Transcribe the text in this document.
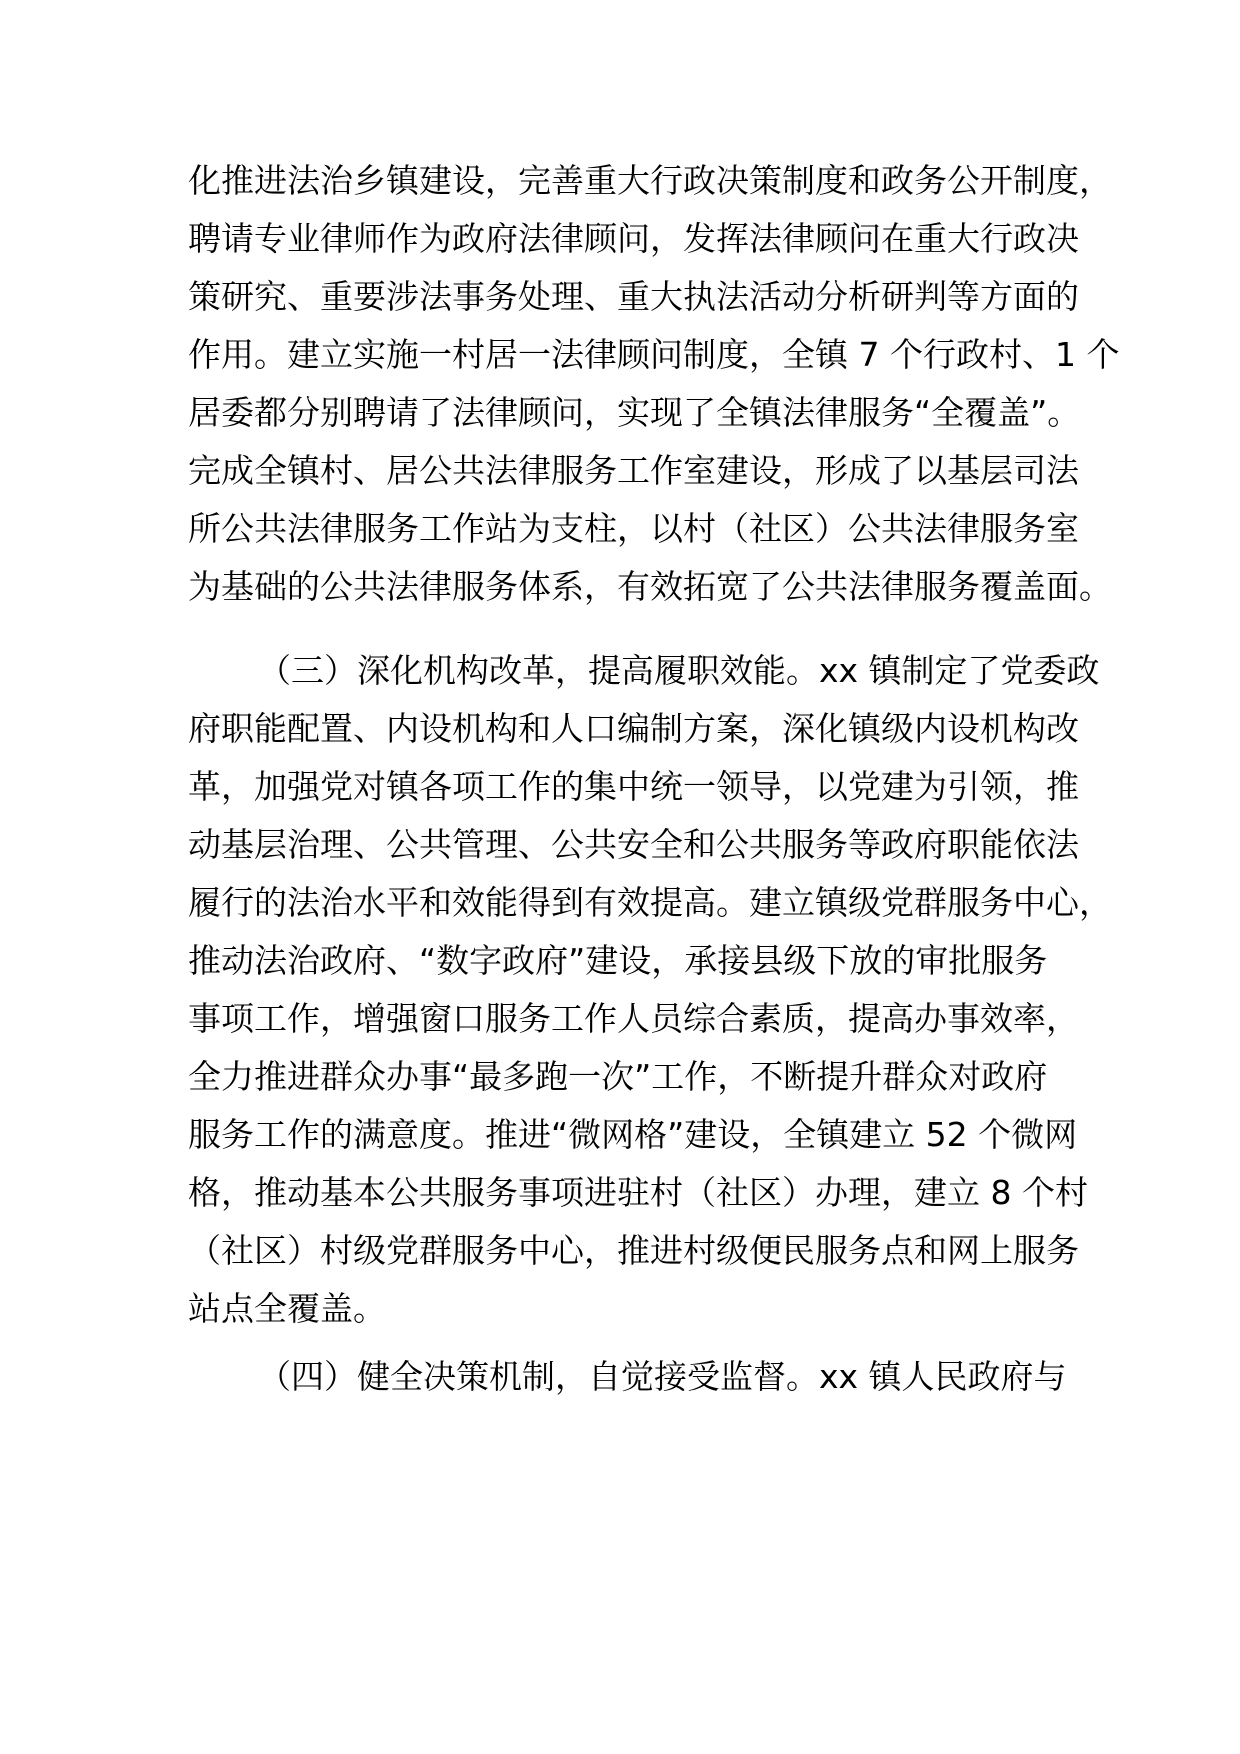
化推进法治乡镇建设，完善重大行政决策制度和政务公开制度，
聘请专业律师作为政府法律顾问，发挥法律顾问在重大行政决
策研究、重要涉法事务处理、重大执法活动分析研判等方面的
作用。建立实施一村居一法律顾问制度，全镇 7 个行政村、1 个
居委都分别聘请了法律顾问，实现了全镇法律服务“全覆盖”。
完成全镇村、居公共法律服务工作室建设，形成了以基层司法
所公共法律服务工作站为支柱，以村（社区）公共法律服务室
为基础的公共法律服务体系，有效拓宽了公共法律服务覆盖面。
（三）深化机构改革，提高履职效能。xx 镇制定了党委政
府职能配置、内设机构和人口编制方案，深化镇级内设机构改
革，加强党对镇各项工作的集中统一领导，以党建为引领，推
动基层治理、公共管理、公共安全和公共服务等政府职能依法
履行的法治水平和效能得到有效提高。建立镇级党群服务中心，
推动法治政府、“数字政府”建设，承接县级下放的审批服务
事项工作，增强窗口服务工作人员综合素质，提高办事效率，
全力推进群众办事“最多跑一次”工作，不断提升群众对政府
服务工作的满意度。推进“微网格”建设，全镇建立 52 个微网
格，推动基本公共服务事项进驻村（社区）办理，建立 8 个村
（社区）村级党群服务中心，推进村级便民服务点和网上服务
站点全覆盖。
（四）健全决策机制，自觉接受监督。xx 镇人民政府与
